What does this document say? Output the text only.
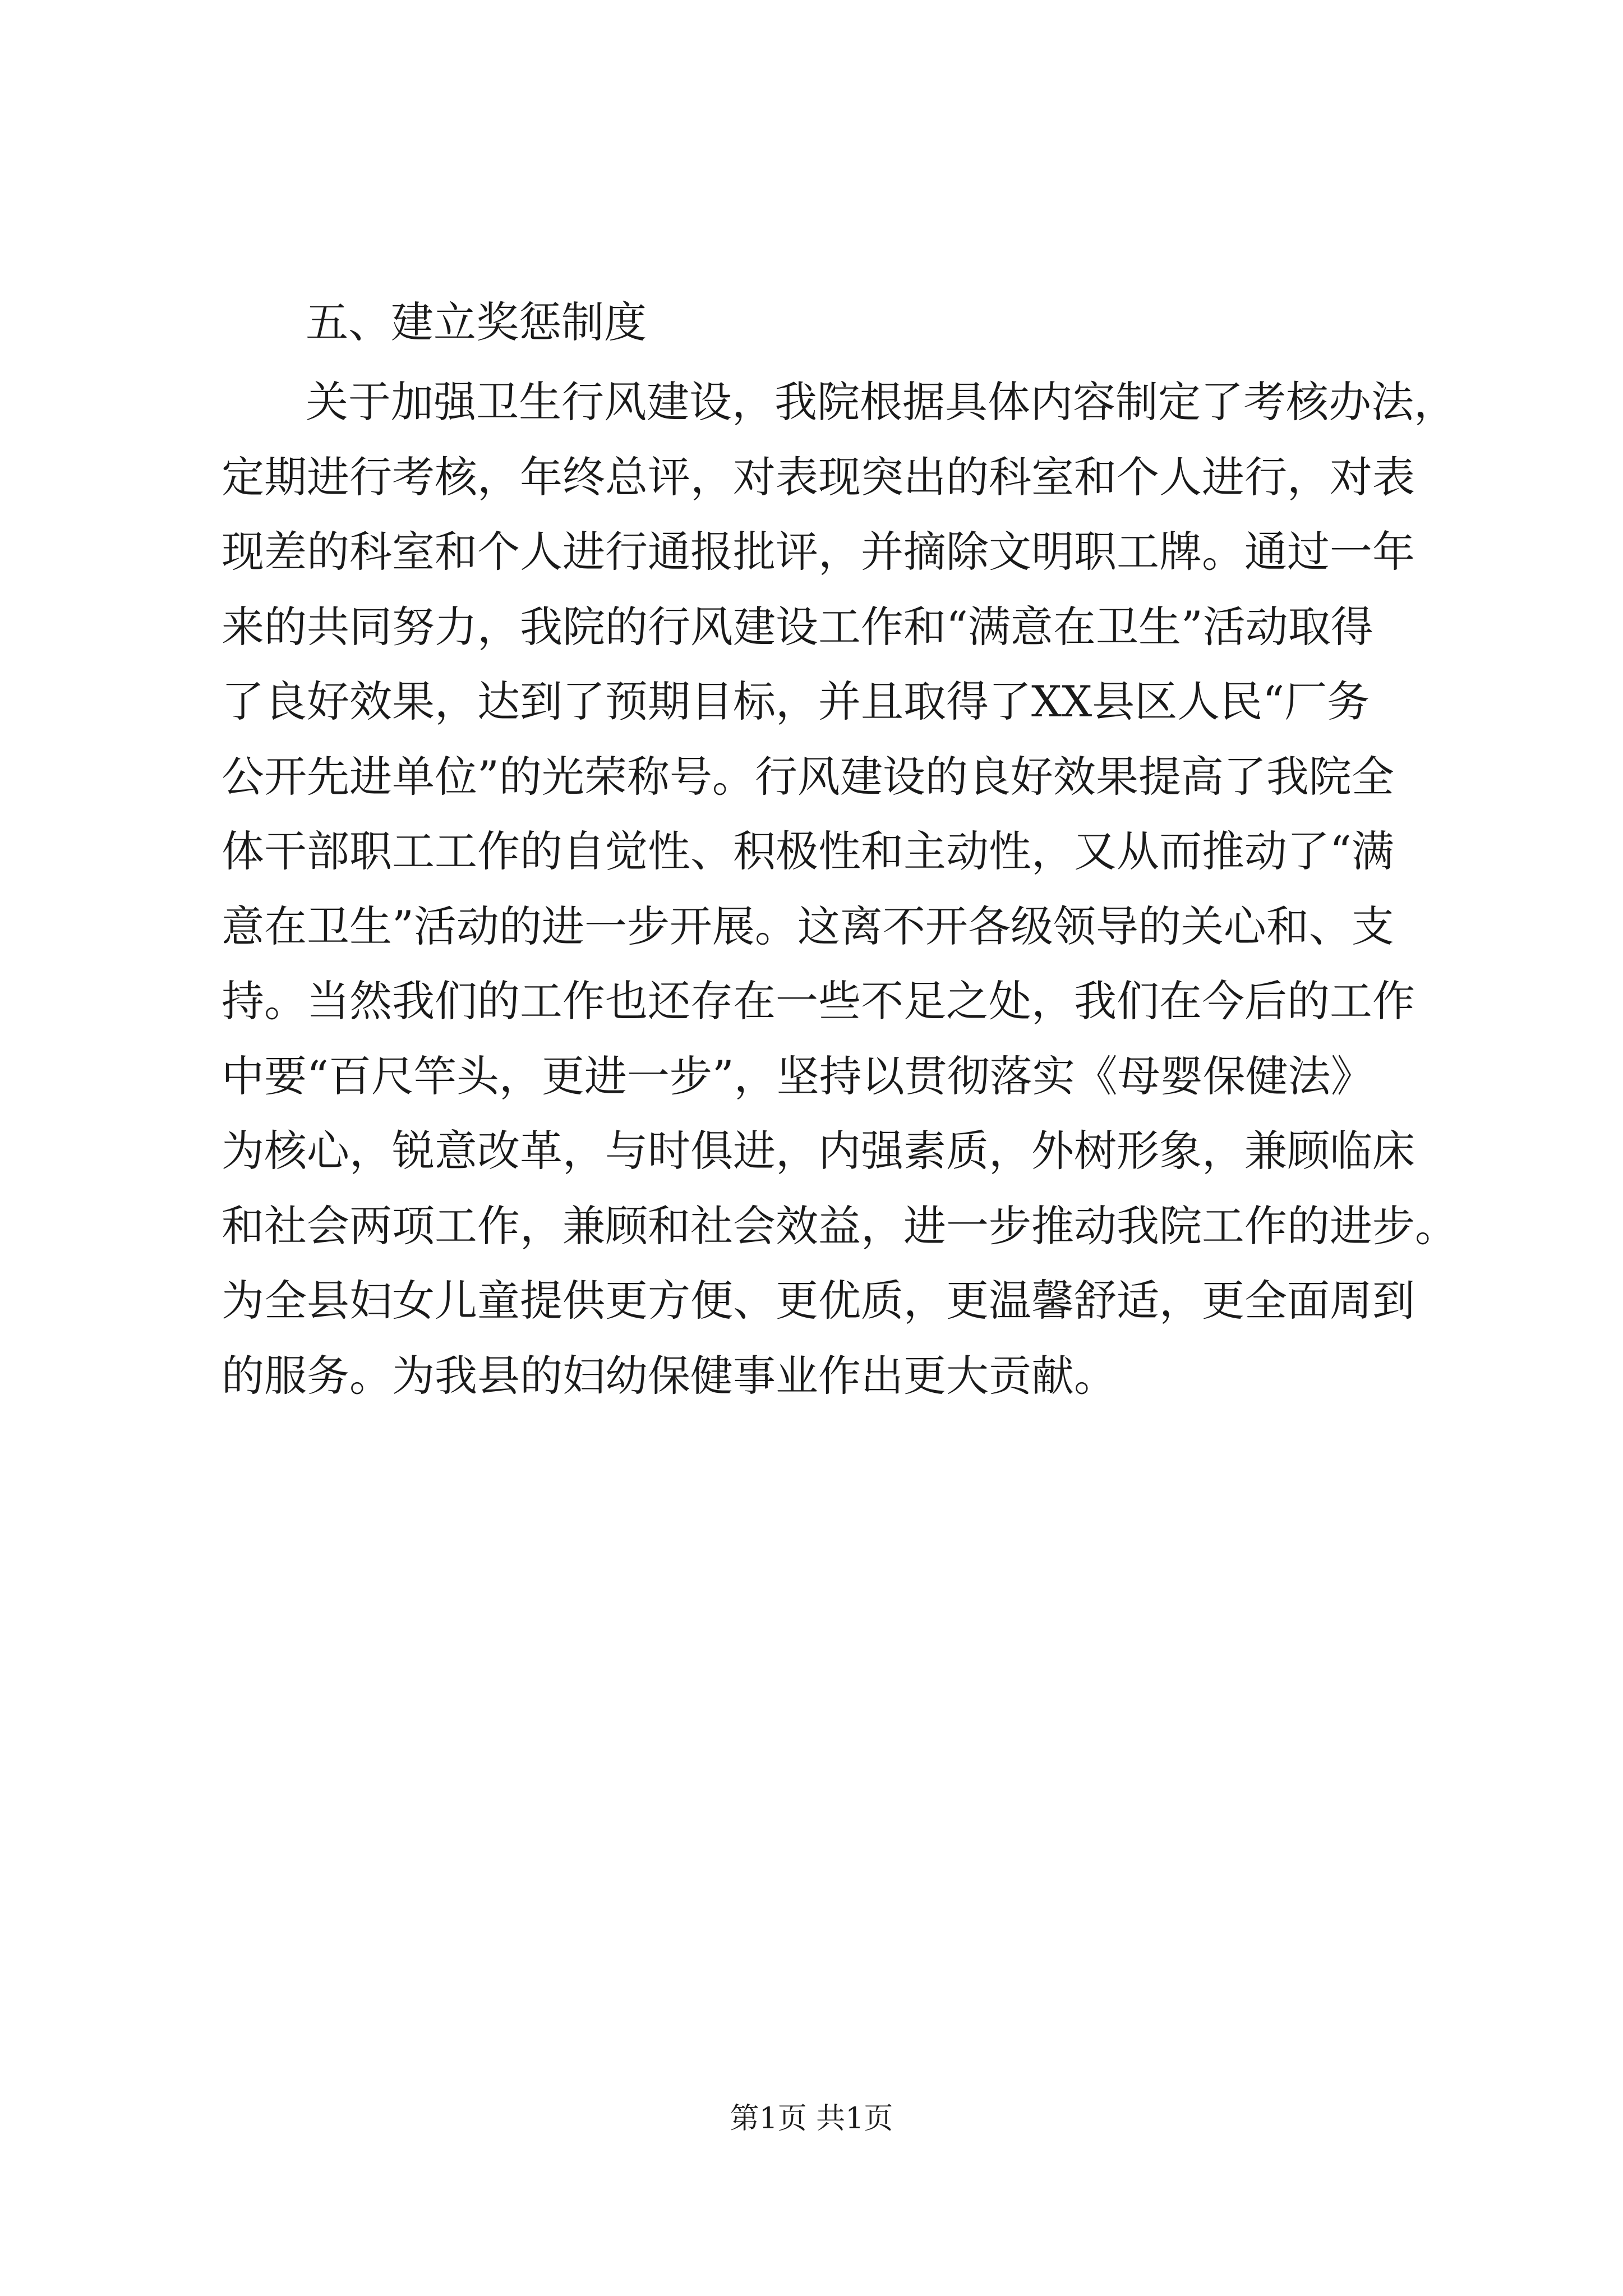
五、建立奖惩制度

关于加强卫生行风建设，我院根据具体内容制定了考核办法，

定期进行考核，年终总评，对表现突出的科室和个人进行，对表

现差的科室和个人进行通报批评，并摘除文明职工牌。通过一年

来的共同努力，我院的行风建设工作和“满意在卫生”活动取得

了良好效果，达到了预期目标，并且取得了XX县区人民“厂务

公开先进单位”的光荣称号。行风建设的良好效果提高了我院全

体干部职工工作的自觉性、积极性和主动性，又从而推动了“满

意在卫生”活动的进一步开展。这离不开各级领导的关心和、支

持。当然我们的工作也还存在一些不足之处，我们在今后的工作

中要“百尺竿头，更进一步”，坚持以贯彻落实《母婴保健法》

为核心，锐意改革，与时俱进，内强素质，外树形象，兼顾临床

和社会两项工作，兼顾和社会效益，进一步推动我院工作的进步。

为全县妇女儿童提供更方便、更优质，更温馨舒适，更全面周到

的服务。为我县的妇幼保健事业作出更大贡献。

第1页 共1页
